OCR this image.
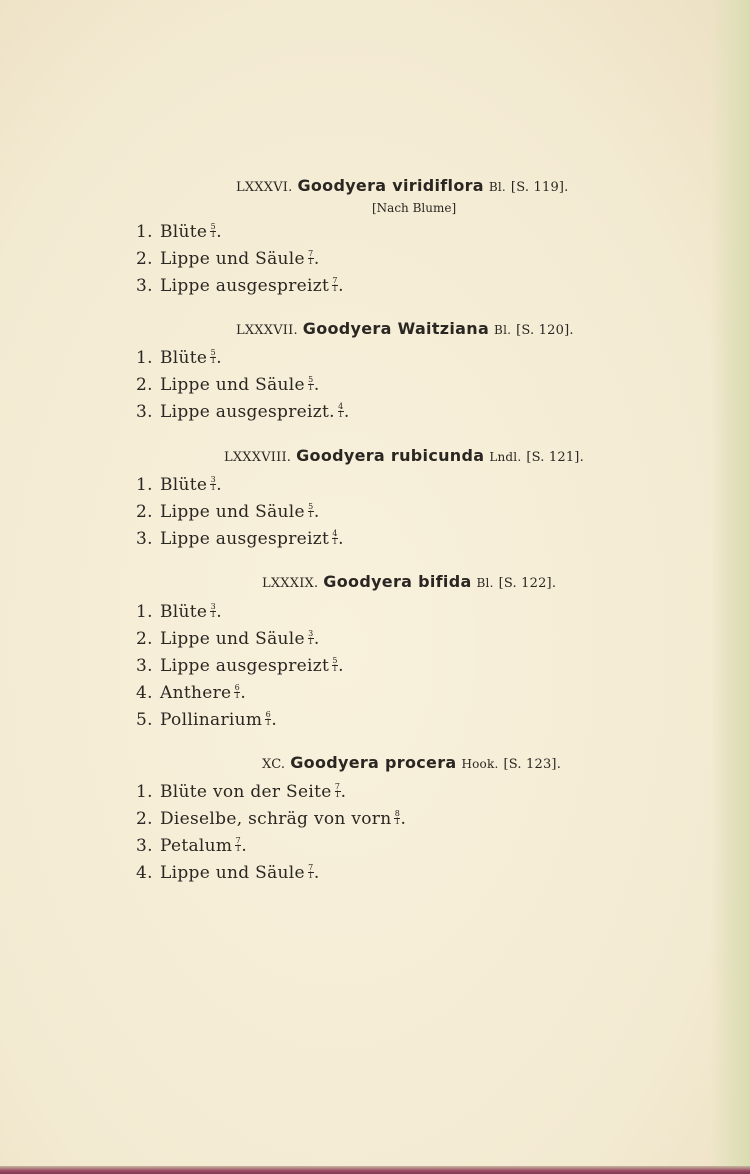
LXXXVI. Goodyera viridiflora Bl. [S. 119].
[Nach Blume]
1. Blüte $\frac{5}{1}$ .
2. Lippe und Säule $\frac{7}{1}$ .
3. Lippe ausgespreizt $\frac{7}{1}$ .
LXXXVII. Goodyera Waitziana Bl. [S. 120].
1. Blüte $\frac{5}{1}$ .
2. Lippe und Säule $\frac{5}{1}$ .
3. Lippe ausgespreizt. $\frac{4}{1}$ .
LXXXVIII. Goodyera rubicunda Lndl. [S. 121].
1. Blüte $\frac{3}{1}$ .
2. Lippe und Säule $\frac{5}{1}$ .
3. Lippe ausgespreizt $\frac{4}{1}$ .
LXXXIX. Goodyera bifida Bl. [S. 122].
1. Blüte $\frac{3}{1}$ .
2. Lippe und Säule $\frac{3}{1}$ .
3. Lippe ausgespreizt $\frac{5}{1}$ .
4. Anthere $\frac{6}{1}$ .
5. Pollinarium $\frac{6}{1}$ .
XC. Goodyera procera Hook. [S. 123].
1. Blüte von der Seite $\frac{7}{1}$ .
2. Dieselbe, schräg von vorn $\frac{8}{1}$ .
3. Petalum $\frac{7}{1}$ .
4. Lippe und Säule $\frac{7}{1}$ .
